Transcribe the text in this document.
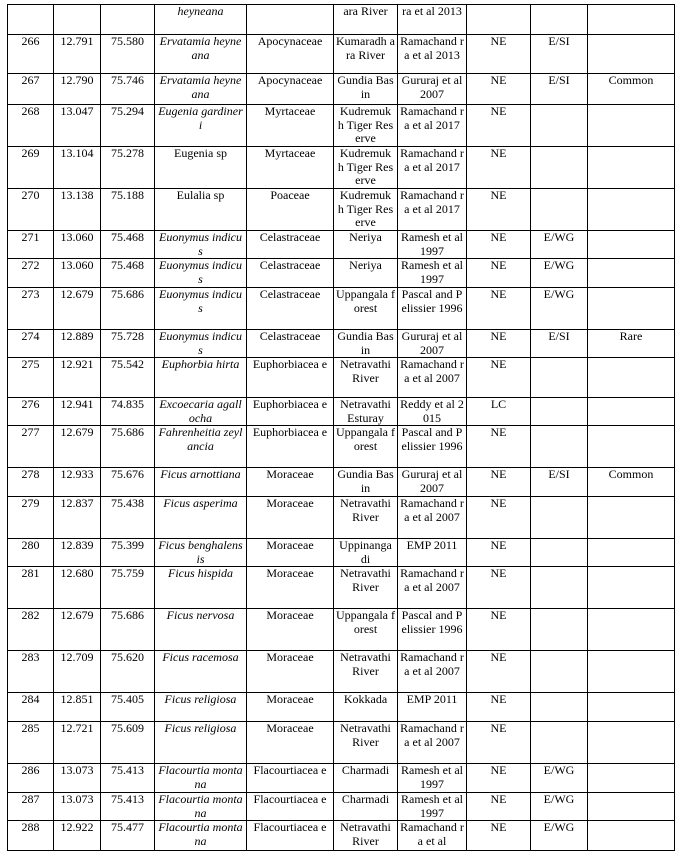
			heyneana		ara River	ra et al 2013			
266	12.791	75.580	Ervatamia heyneana	Apocynaceae	Kumaradh ara River	Ramachand ra et al 2013	NE	E/SI	
267	12.790	75.746	Ervatamia heyneana	Apocynaceae	Gundia Basin	Gururaj et al 2007	NE	E/SI	Common
268	13.047	75.294	Eugenia gardineri	Myrtaceae	Kudremuk h Tiger Reserve	Ramachand ra et al 2017	NE		
269	13.104	75.278	Eugenia sp	Myrtaceae	Kudremuk h Tiger Reserve	Ramachand ra et al 2017	NE		
270	13.138	75.188	Eulalia sp	Poaceae	Kudremuk h Tiger Reserve	Ramachand ra et al 2017	NE		
271	13.060	75.468	Euonymus indicus	Celastraceae	Neriya	Ramesh et al 1997	NE	E/WG	
272	13.060	75.468	Euonymus indicus	Celastraceae	Neriya	Ramesh et al 1997	NE	E/WG	
273	12.679	75.686	Euonymus indicus	Celastraceae	Uppangala forest	Pascal and Pelissier 1996	NE	E/WG	
274	12.889	75.728	Euonymus indicus	Celastraceae	Gundia Basin	Gururaj et al 2007	NE	E/SI	Rare
275	12.921	75.542	Euphorbia hirta	Euphorbiacea e	Netravathi River	Ramachand ra et al 2007	NE		
276	12.941	74.835	Excoecaria agallocha	Euphorbiacea e	Netravathi Esturay	Reddy et al 2015	LC		
277	12.679	75.686	Fahrenheitia zeylancia	Euphorbiacea e	Uppangala forest	Pascal and Pelissier 1996	NE		
278	12.933	75.676	Ficus arnottiana	Moraceae	Gundia Basin	Gururaj et al 2007	NE	E/SI	Common
279	12.837	75.438	Ficus asperima	Moraceae	Netravathi River	Ramachand ra et al 2007	NE		
280	12.839	75.399	Ficus benghalensis	Moraceae	Uppinanga di	EMP 2011	NE		
281	12.680	75.759	Ficus hispida	Moraceae	Netravathi River	Ramachand ra et al 2007	NE		
282	12.679	75.686	Ficus nervosa	Moraceae	Uppangala forest	Pascal and Pelissier 1996	NE		
283	12.709	75.620	Ficus racemosa	Moraceae	Netravathi River	Ramachand ra et al 2007	NE		
284	12.851	75.405	Ficus religiosa	Moraceae	Kokkada	EMP 2011	NE		
285	12.721	75.609	Ficus religiosa	Moraceae	Netravathi River	Ramachand ra et al 2007	NE		
286	13.073	75.413	Flacourtia montana	Flacourtiacea e	Charmadi	Ramesh et al 1997	NE	E/WG	
287	13.073	75.413	Flacourtia montana	Flacourtiacea e	Charmadi	Ramesh et al 1997	NE	E/WG	
288	12.922	75.477	Flacourtia montana	Flacourtiacea e	Netravathi River	Ramachand ra et al	NE	E/WG	
